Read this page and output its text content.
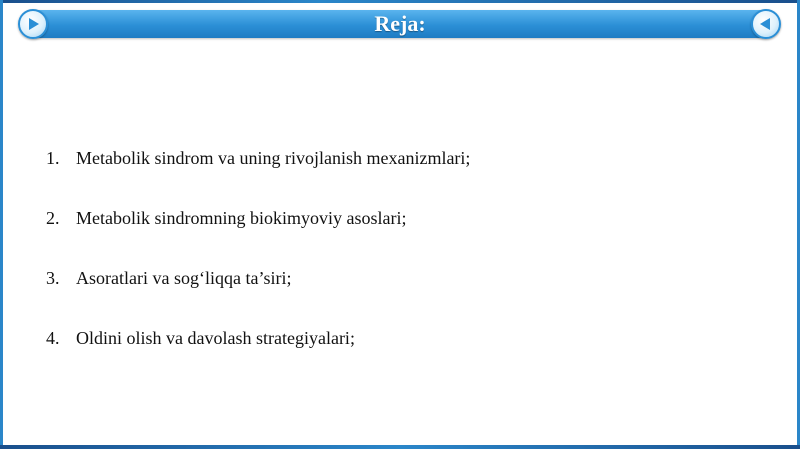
Reja:
1. Metabolik sindrom va uning rivojlanish mexanizmlari;
2. Metabolik sindromning biokimyoviy asoslari;
3. Asoratlari va sog‘liqqa ta’siri;
4. Oldini olish va davolash strategiyalari;
